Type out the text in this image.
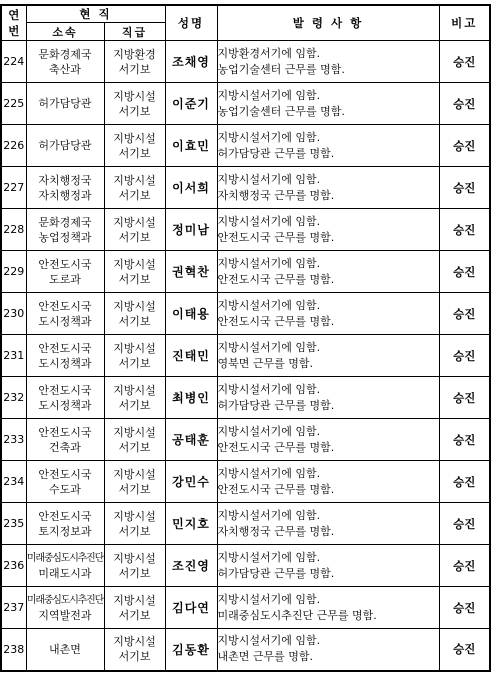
연
번	현 직		성명	발 령 사 항	비고
	소속	직급			
224	문화경제국
축산과	지방환경
서기보	조채영	지방환경서기에 임함.
농업기술센터 근무를 명함.	승진
225	허가담당관	지방시설
서기보	이준기	지방시설서기에 임함.
농업기술센터 근무를 명함.	승진
226	허가담당관	지방시설
서기보	이효민	지방시설서기에 임함.
허가담당관 근무를 명함.	승진
227	자치행정국
자치행정과	지방시설
서기보	이서희	지방시설서기에 임함.
자치행정국 근무를 명함.	승진
228	문화경제국
농업정책과	지방시설
서기보	정미남	지방시설서기에 임함.
안전도시국 근무를 명함.	승진
229	안전도시국
도로과	지방시설
서기보	권혁찬	지방시설서기에 임함.
안전도시국 근무를 명함.	승진
230	안전도시국
도시정책과	지방시설
서기보	이태용	지방시설서기에 임함.
안전도시국 근무를 명함.	승진
231	안전도시국
도시정책과	지방시설
서기보	진태민	지방시설서기에 임함.
영북면 근무를 명함.	승진
232	안전도시국
도시정책과	지방시설
서기보	최병인	지방시설서기에 임함.
허가담당관 근무를 명함.	승진
233	안전도시국
건축과	지방시설
서기보	공태훈	지방시설서기에 임함.
안전도시국 근무를 명함.	승진
234	안전도시국
수도과	지방시설
서기보	강민수	지방시설서기에 임함.
안전도시국 근무를 명함.	승진
235	안전도시국
토지정보과	지방시설
서기보	민지호	지방시설서기에 임함.
자치행정국 근무를 명함.	승진
236	미래중심도시추진단
미래도시과	지방시설
서기보	조진영	지방시설서기에 임함.
허가담당관 근무를 명함.	승진
237	미래중심도시추진단
지역발전과	지방시설
서기보	김다연	지방시설서기에 임함.
미래중심도시추진단 근무를 명함.	승진
238	내촌면	지방시설
서기보	김동환	지방시설서기에 임함.
내촌면 근무를 명함.	승진
